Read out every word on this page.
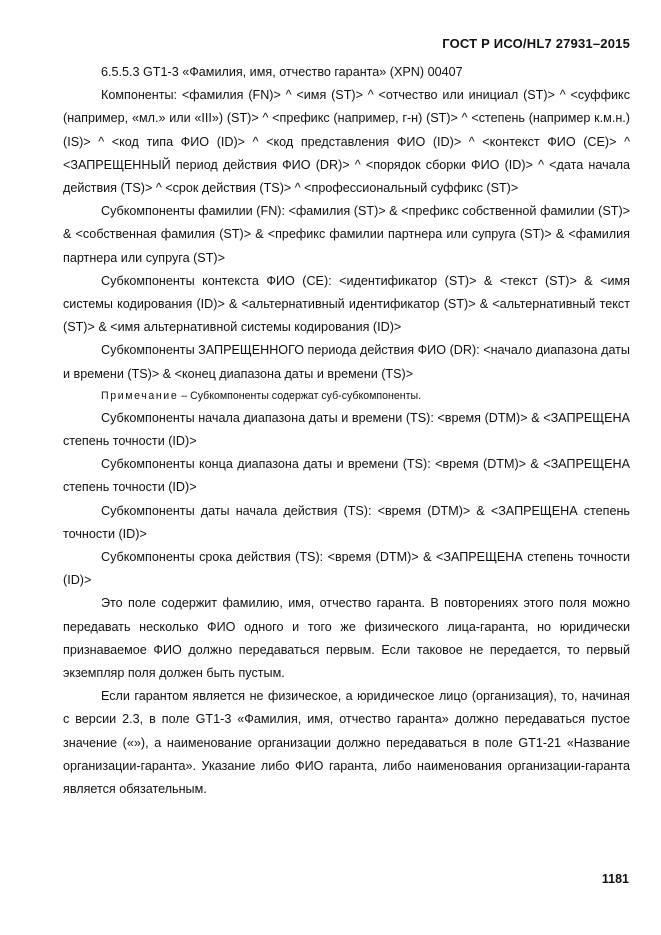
ГОСТ Р ИСО/HL7 27931–2015

6.5.5.3 GT1-3 «Фамилия, имя, отчество гаранта» (XPN) 00407

Компоненты: <фамилия (FN)> ^ <имя (ST)> ^ <отчество или инициал (ST)> ^ <суффикс (например, «мл.» или «III») (ST)> ^ <префикс (например, г-н) (ST)> ^ <степень (например к.м.н.) (IS)> ^ <код типа ФИО (ID)> ^ <код представления ФИО (ID)> ^ <контекст ФИО (CE)> ^ <ЗАПРЕЩЕННЫЙ период действия ФИО (DR)> ^ <порядок сборки ФИО (ID)> ^ <дата начала действия (TS)> ^ <срок действия (TS)> ^ <профессиональный суффикс (ST)>

Субкомпоненты фамилии (FN): <фамилия (ST)> & <префикс собственной фамилии (ST)> & <собственная фамилия (ST)> & <префикс фамилии партнера или супруга (ST)> & <фамилия партнера или супруга (ST)>

Субкомпоненты контекста ФИО (CE): <идентификатор (ST)> & <текст (ST)> & <имя системы кодирования (ID)> & <альтернативный идентификатор (ST)> & <альтернативный текст (ST)> & <имя альтернативной системы кодирования (ID)>

Субкомпоненты ЗАПРЕЩЕННОГО периода действия ФИО (DR): <начало диапазона даты и времени (TS)> & <конец диапазона даты и времени (TS)>

Примечание – Субкомпоненты содержат суб-субкомпоненты.

Субкомпоненты начала диапазона даты и времени (TS): <время (DTM)> & <ЗАПРЕЩЕНА степень точности (ID)>

Субкомпоненты конца диапазона даты и времени (TS): <время (DTM)> & <ЗАПРЕЩЕНА степень точности (ID)>

Субкомпоненты даты начала действия (TS): <время (DTM)> & <ЗАПРЕЩЕНА степень точности (ID)>

Субкомпоненты срока действия (TS): <время (DTM)> & <ЗАПРЕЩЕНА степень точности (ID)>

Это поле содержит фамилию, имя, отчество гаранта. В повторениях этого поля можно передавать несколько ФИО одного и того же физического лица-гаранта, но юридически признаваемое ФИО должно передаваться первым. Если таковое не передается, то первый экземпляр поля должен быть пустым.

Если гарантом является не физическое, а юридическое лицо (организация), то, начиная с версии 2.3, в поле GT1-3 «Фамилия, имя, отчество гаранта» должно передаваться пустое значение («»), а наименование организации должно передаваться в поле GT1-21 «Название организации-гаранта». Указание либо ФИО гаранта, либо наименования организации-гаранта является обязательным.

1181
